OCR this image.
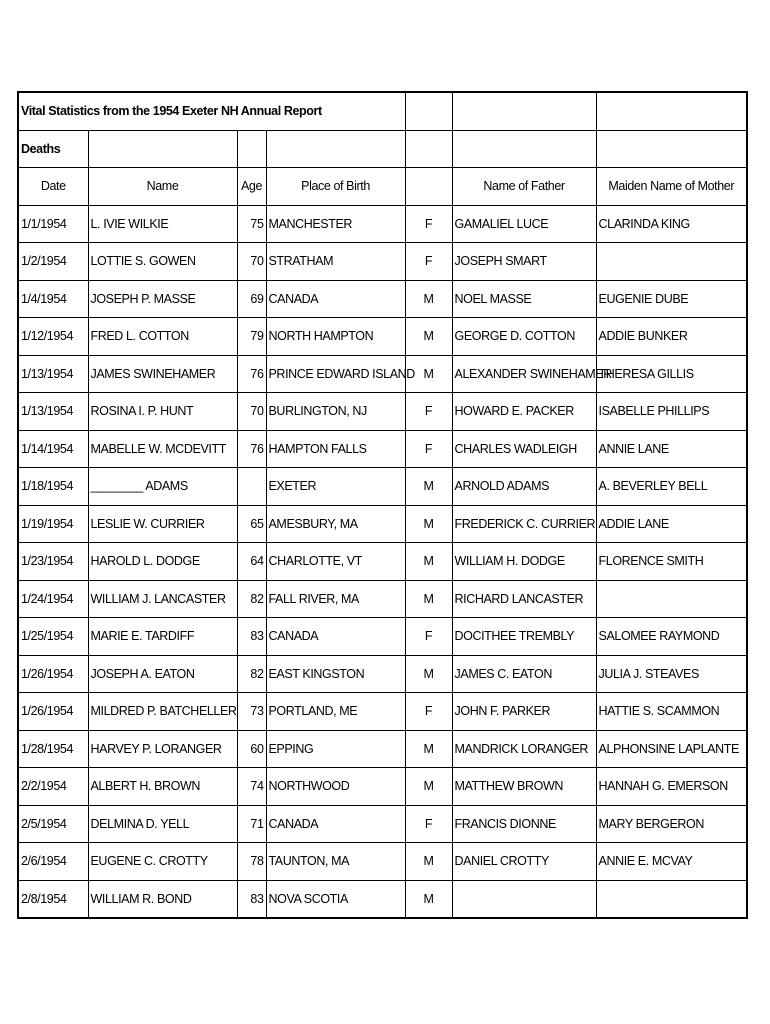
Vital Statistics from the 1954 Exeter NH Annual Report						
Deaths						
Date	Name	Age	Place of Birth		Name of Father	Maiden Name of Mother
1/1/1954	L. IVIE WILKIE	75	MANCHESTER	F	GAMALIEL LUCE	CLARINDA KING
1/2/1954	LOTTIE S. GOWEN	70	STRATHAM	F	JOSEPH SMART	
1/4/1954	JOSEPH P. MASSE	69	CANADA	M	NOEL MASSE	EUGENIE DUBE
1/12/1954	FRED L. COTTON	79	NORTH HAMPTON	M	GEORGE D. COTTON	ADDIE BUNKER
1/13/1954	JAMES SWINEHAMER	76	PRINCE EDWARD ISLAND	M	ALEXANDER SWINEHAMER	THERESA GILLIS
1/13/1954	ROSINA I. P. HUNT	70	BURLINGTON, NJ	F	HOWARD E. PACKER	ISABELLE PHILLIPS
1/14/1954	MABELLE W. MCDEVITT	76	HAMPTON FALLS	F	CHARLES WADLEIGH	ANNIE LANE
1/18/1954	________ ADAMS		EXETER	M	ARNOLD ADAMS	A. BEVERLEY BELL
1/19/1954	LESLIE W. CURRIER	65	AMESBURY, MA	M	FREDERICK C. CURRIER	ADDIE LANE
1/23/1954	HAROLD L. DODGE	64	CHARLOTTE, VT	M	WILLIAM H. DODGE	FLORENCE SMITH
1/24/1954	WILLIAM J. LANCASTER	82	FALL RIVER, MA	M	RICHARD LANCASTER	
1/25/1954	MARIE E. TARDIFF	83	CANADA	F	DOCITHEE TREMBLY	SALOMEE RAYMOND
1/26/1954	JOSEPH A. EATON	82	EAST KINGSTON	M	JAMES C. EATON	JULIA J. STEAVES
1/26/1954	MILDRED P. BATCHELLER	73	PORTLAND, ME	F	JOHN F. PARKER	HATTIE S. SCAMMON
1/28/1954	HARVEY P. LORANGER	60	EPPING	M	MANDRICK LORANGER	ALPHONSINE LAPLANTE
2/2/1954	ALBERT H. BROWN	74	NORTHWOOD	M	MATTHEW BROWN	HANNAH G. EMERSON
2/5/1954	DELMINA D. YELL	71	CANADA	F	FRANCIS DIONNE	MARY BERGERON
2/6/1954	EUGENE C. CROTTY	78	TAUNTON, MA	M	DANIEL CROTTY	ANNIE E. MCVAY
2/8/1954	WILLIAM R. BOND	83	NOVA SCOTIA	M		
